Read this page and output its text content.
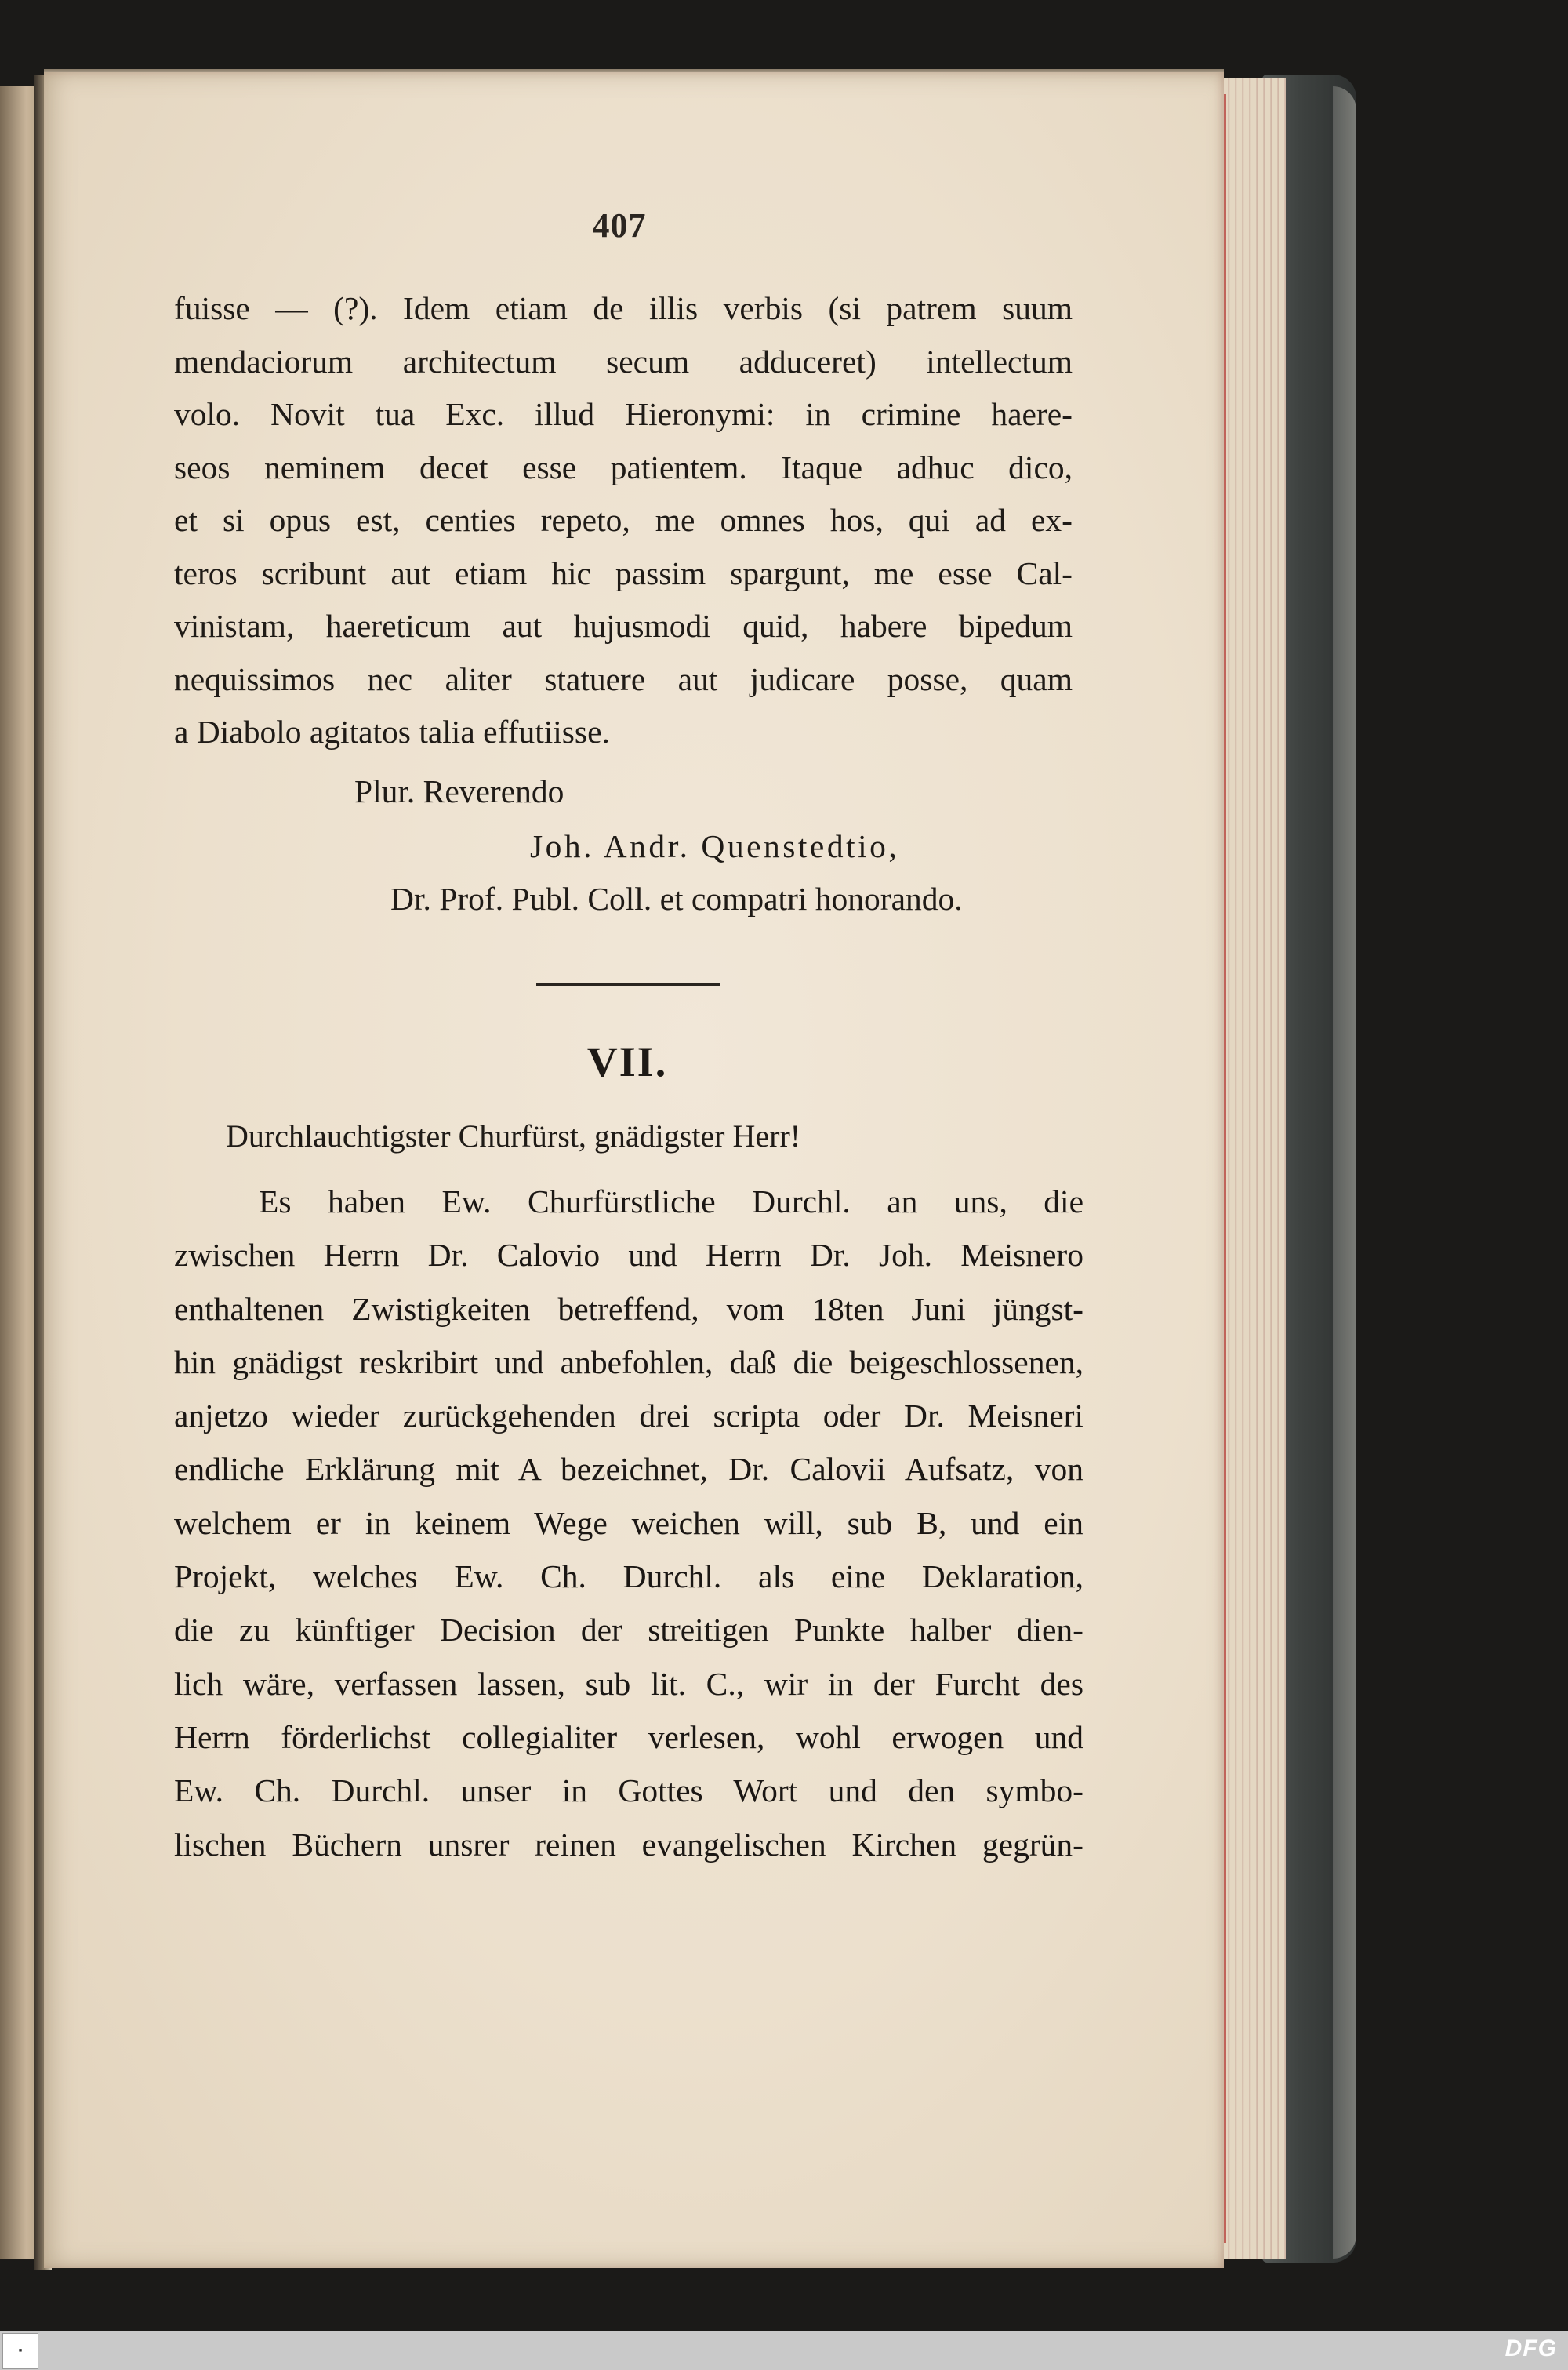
407
fuisse — (?). Idem etiam de illis verbis (si patrem suum
mendaciorum architectum secum adduceret) intellectum
volo. Novit tua Exc. illud Hieronymi: in crimine haere-
seos neminem decet esse patientem. Itaque adhuc dico,
et si opus est, centies repeto, me omnes hos, qui ad ex-
teros scribunt aut etiam hic passim spargunt, me esse Cal-
vinistam, haereticum aut hujusmodi quid, habere bipedum
nequissimos nec aliter statuere aut judicare posse, quam
a Diabolo agitatos talia effutiisse.
Plur. Reverendo
Joh. Andr. Quenstedtio,
Dr. Prof. Publ. Coll. et compatri honorando.
VII.
Durchlauchtigster Churfürst, gnädigster Herr!
Es haben Ew. Churfürstliche Durchl. an uns, die
zwischen Herrn Dr. Calovio und Herrn Dr. Joh. Meisnero
enthaltenen Zwistigkeiten betreffend, vom 18ten Juni jüngst-
hin gnädigst reskribirt und anbefohlen, daß die beigeschlossenen,
anjetzo wieder zurückgehenden drei scripta oder Dr. Meisneri
endliche Erklärung mit A bezeichnet, Dr. Calovii Aufsatz, von
welchem er in keinem Wege weichen will, sub B, und ein
Projekt, welches Ew. Ch. Durchl. als eine Deklaration,
die zu künftiger Decision der streitigen Punkte halber dien-
lich wäre, verfassen lassen, sub lit. C., wir in der Furcht des
Herrn förderlichst collegialiter verlesen, wohl erwogen und
Ew. Ch. Durchl. unser in Gottes Wort und den symbo-
lischen Büchern unsrer reinen evangelischen Kirchen gegrün-
■	DFG
